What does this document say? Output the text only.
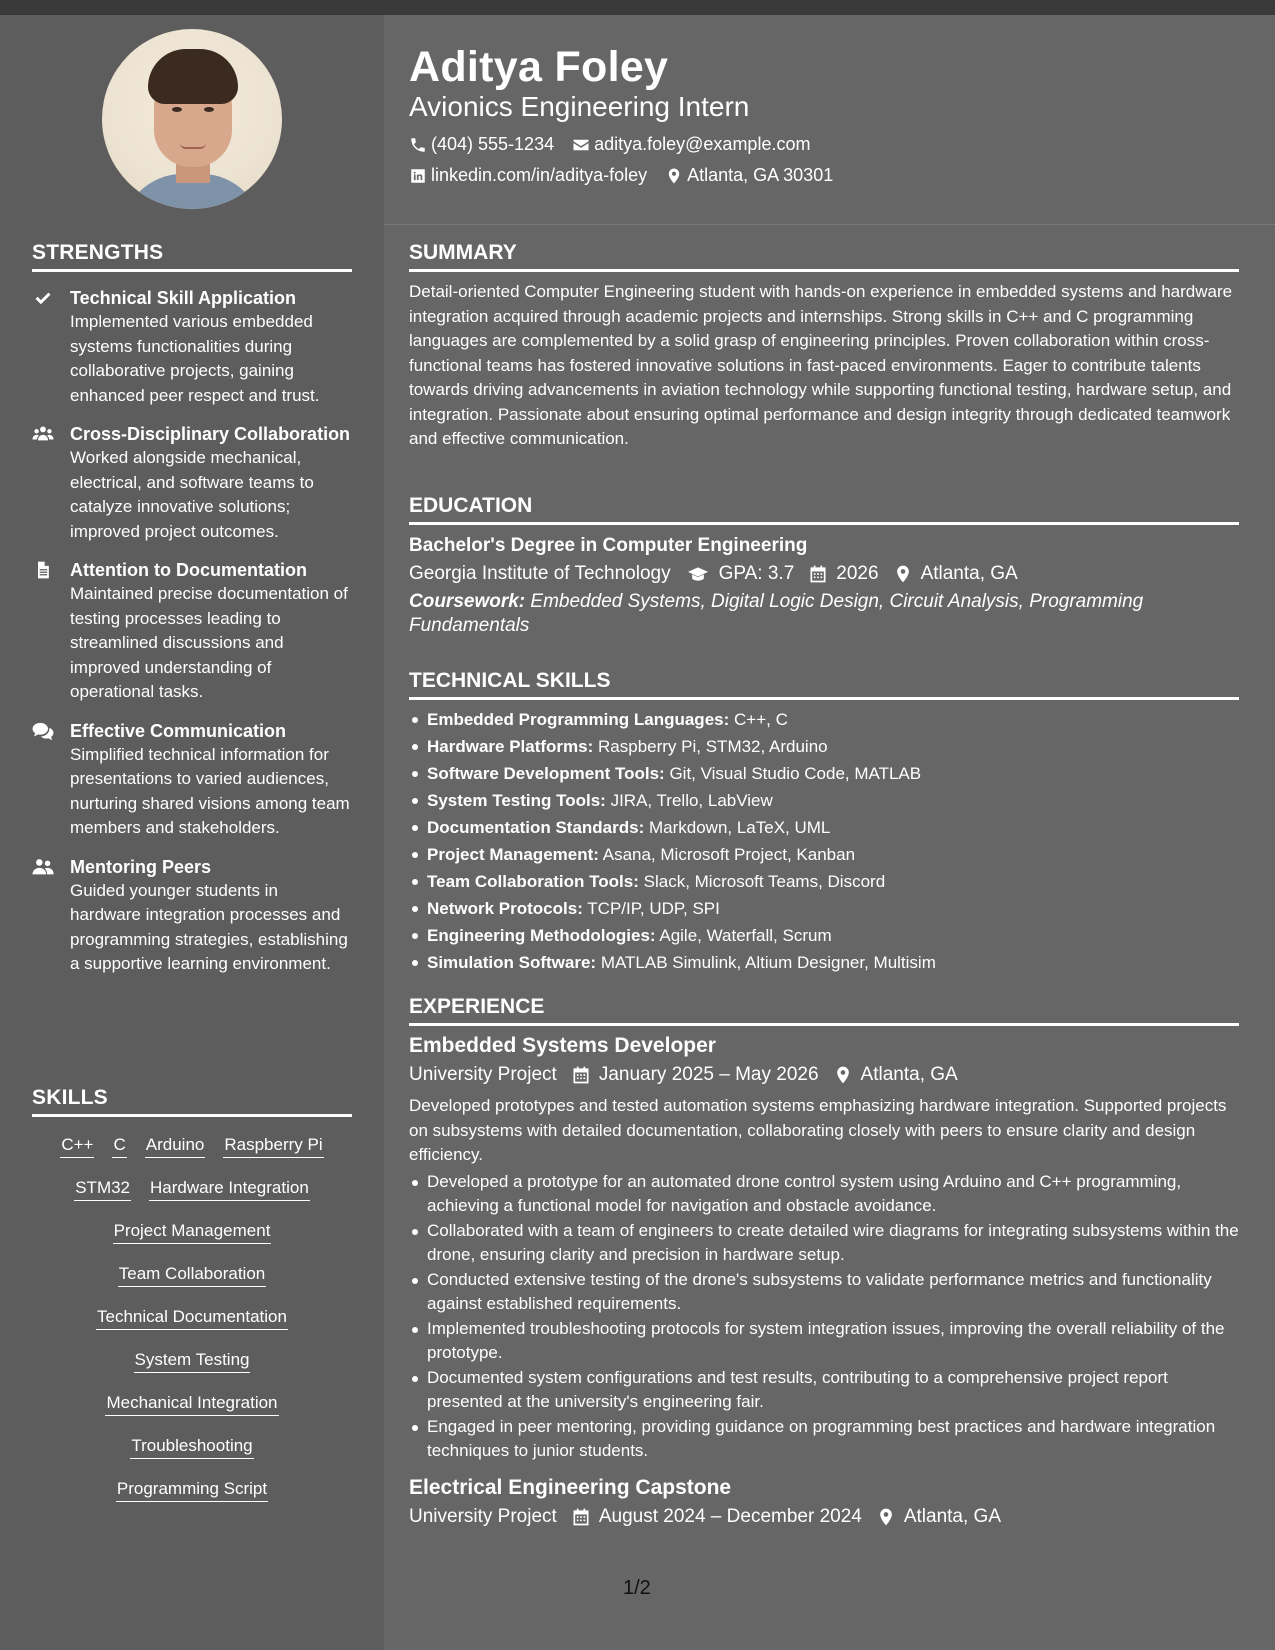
STRENGTHS
Technical Skill Application
Implemented various embedded systems functionalities during collaborative projects, gaining enhanced peer respect and trust.
Cross-Disciplinary Collaboration
Worked alongside mechanical, electrical, and software teams to catalyze innovative solutions; improved project outcomes.
Attention to Documentation
Maintained precise documentation of testing processes leading to streamlined discussions and improved understanding of operational tasks.
Effective Communication
Simplified technical information for presentations to varied audiences, nurturing shared visions among team members and stakeholders.
Mentoring Peers
Guided younger students in hardware integration processes and programming strategies, establishing a supportive learning environment.
SKILLS
C++ C Arduino Raspberry Pi
STM32 Hardware Integration
Project Management
Team Collaboration
Technical Documentation
System Testing
Mechanical Integration
Troubleshooting
Programming Script
Aditya Foley
Avionics Engineering Intern
(404) 555-1234 aditya.foley@example.com
linkedin.com/in/aditya-foley Atlanta, GA 30301
SUMMARY
Detail-oriented Computer Engineering student with hands-on experience in embedded systems and hardware integration acquired through academic projects and internships. Strong skills in C++ and C programming languages are complemented by a solid grasp of engineering principles. Proven collaboration within cross-functional teams has fostered innovative solutions in fast-paced environments. Eager to contribute talents towards driving advancements in aviation technology while supporting functional testing, hardware setup, and integration. Passionate about ensuring optimal performance and design integrity through dedicated teamwork and effective communication.
EDUCATION
Bachelor's Degree in Computer Engineering
Georgia Institute of Technology	GPA: 3.7 2026 Atlanta, GA
Coursework: Embedded Systems, Digital Logic Design, Circuit Analysis, Programming Fundamentals
TECHNICAL SKILLS
Embedded Programming Languages: C++, C
Hardware Platforms: Raspberry Pi, STM32, Arduino
Software Development Tools: Git, Visual Studio Code, MATLAB
System Testing Tools: JIRA, Trello, LabView
Documentation Standards: Markdown, LaTeX, UML
Project Management: Asana, Microsoft Project, Kanban
Team Collaboration Tools: Slack, Microsoft Teams, Discord
Network Protocols: TCP/IP, UDP, SPI
Engineering Methodologies: Agile, Waterfall, Scrum
Simulation Software: MATLAB Simulink, Altium Designer, Multisim
EXPERIENCE
Embedded Systems Developer
University Project January 2025 – May 2026 Atlanta, GA
Developed prototypes and tested automation systems emphasizing hardware integration. Supported projects on subsystems with detailed documentation, collaborating closely with peers to ensure clarity and design efficiency.
Developed a prototype for an automated drone control system using Arduino and C++ programming, achieving a functional model for navigation and obstacle avoidance.
Collaborated with a team of engineers to create detailed wire diagrams for integrating subsystems within the drone, ensuring clarity and precision in hardware setup.
Conducted extensive testing of the drone's subsystems to validate performance metrics and functionality against established requirements.
Implemented troubleshooting protocols for system integration issues, improving the overall reliability of the prototype.
Documented system configurations and test results, contributing to a comprehensive project report presented at the university's engineering fair.
Engaged in peer mentoring, providing guidance on programming best practices and hardware integration techniques to junior students.
Electrical Engineering Capstone
University Project August 2024 – December 2024 Atlanta, GA
1/2
